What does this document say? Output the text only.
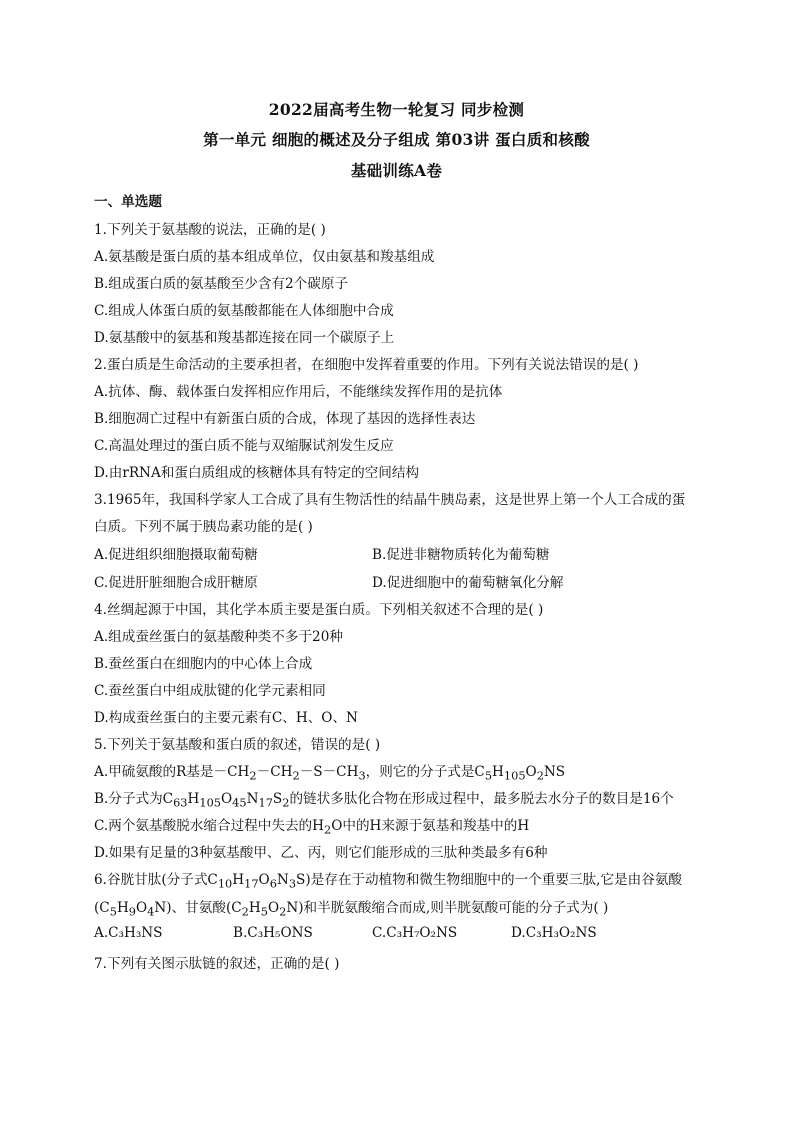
2022届高考生物一轮复习 同步检测
第一单元 细胞的概述及分子组成 第03讲 蛋白质和核酸
基础训练A卷
一、单选题
1.下列关于氨基酸的说法，正确的是( )
A.氨基酸是蛋白质的基本组成单位，仅由氨基和羧基组成
B.组成蛋白质的氨基酸至少含有2个碳原子
C.组成人体蛋白质的氨基酸都能在人体细胞中合成
D.氨基酸中的氨基和羧基都连接在同一个碳原子上
2.蛋白质是生命活动的主要承担者，在细胞中发挥着重要的作用。下列有关说法错误的是( )
A.抗体、酶、载体蛋白发挥相应作用后，不能继续发挥作用的是抗体
B.细胞凋亡过程中有新蛋白质的合成，体现了基因的选择性表达
C.高温处理过的蛋白质不能与双缩脲试剂发生反应
D.由rRNA和蛋白质组成的核糖体具有特定的空间结构
3.1965年，我国科学家人工合成了具有生物活性的结晶牛胰岛素，这是世界上第一个人工合成的蛋
白质。下列不属于胰岛素功能的是( )
A.促进组织细胞摄取葡萄糖	B.促进非糖物质转化为葡萄糖
C.促进肝脏细胞合成肝糖原	D.促进细胞中的葡萄糖氧化分解
4.丝绸起源于中国，其化学本质主要是蛋白质。下列相关叙述不合理的是( )
A.组成蚕丝蛋白的氨基酸种类不多于20种
B.蚕丝蛋白在细胞内的中心体上合成
C.蚕丝蛋白中组成肽键的化学元素相同
D.构成蚕丝蛋白的主要元素有C、H、O、N
5.下列关于氨基酸和蛋白质的叙述，错误的是( )
A.甲硫氨酸的R基是$-CH_2-CH_2-S-CH_3$，则它的分子式是$C_5H_{105}O_2NS$
B.分子式为$C_{63}H_{105}O_{45}N_{17}S_2$的链状多肽化合物在形成过程中，最多脱去水分子的数目是16个
C.两个氨基酸脱水缩合过程中失去的$H_2O$中的H来源于氨基和羧基中的H
D.如果有足量的3种氨基酸甲、乙、丙，则它们能形成的三肽种类最多有6种
6.谷胱甘肽(分子式$C_{10}H_{17}O_6N_3S$)是存在于动植物和微生物细胞中的一个重要三肽,它是由谷氨酸
$(C_5H_9O_4N)$、甘氨酸$(C_2H_5O_2N)$和半胱氨酸缩合而成,则半胱氨酸可能的分子式为( )
A.C₃H₃NS	B.C₃H₅ONS	C.C₃H₇O₂NS	D.C₃H₃O₂NS
7.下列有关图示肽链的叙述，正确的是( )
